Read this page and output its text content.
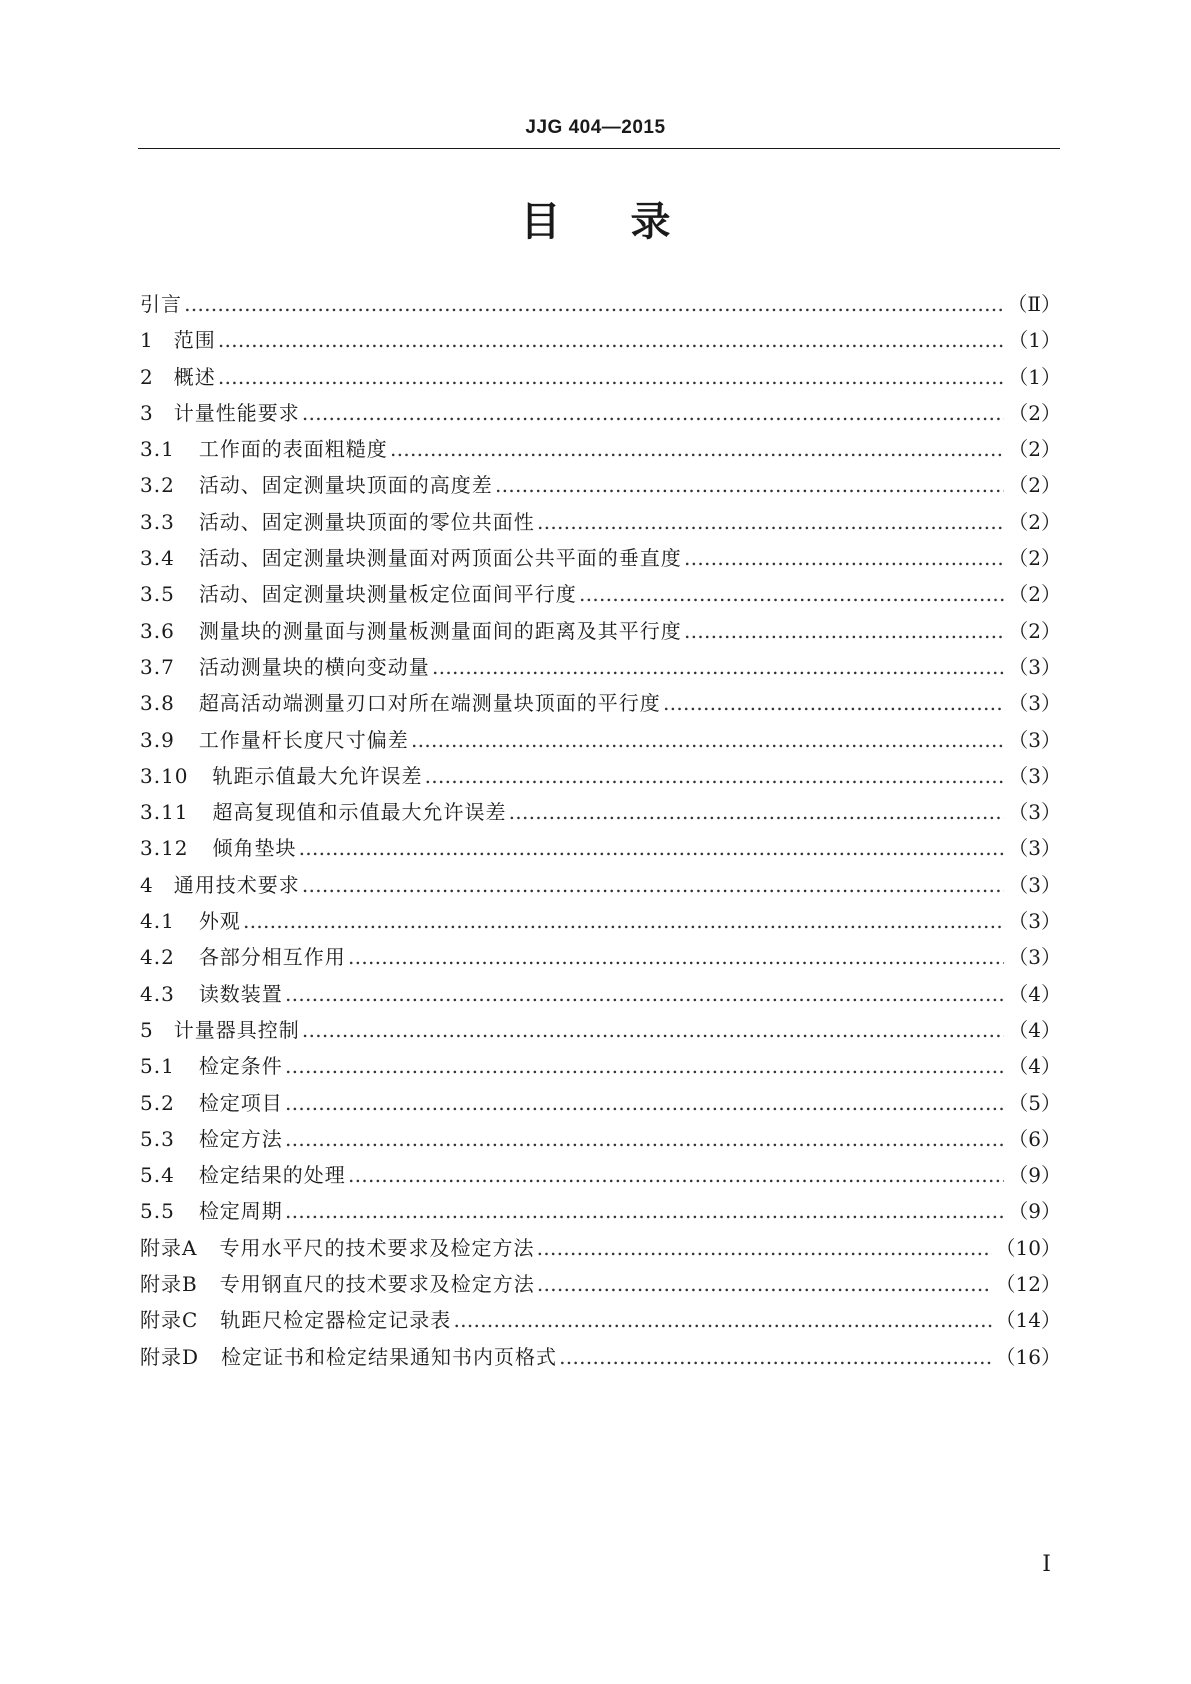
JJG 404—2015
目录
引言 ……………………………………………………………………………………………………………………………………………………………………………	（Ⅱ）
1 范围 ……………………………………………………………………………………………………………………………………………………………………………	（1）
2 概述 ……………………………………………………………………………………………………………………………………………………………………………	（1）
3 计量性能要求 ……………………………………………………………………………………………………………………………………………………………………………	（2）
3.1 工作面的表面粗糙度 ……………………………………………………………………………………………………………………………………………………………………………	（2）
3.2 活动、固定测量块顶面的高度差 ……………………………………………………………………………………………………………………………………………………………………………	（2）
3.3 活动、固定测量块顶面的零位共面性 ……………………………………………………………………………………………………………………………………………………………………………	（2）
3.4 活动、固定测量块测量面对两顶面公共平面的垂直度 ……………………………………………………………………………………………………………………………………………………………………………	（2）
3.5 活动、固定测量块测量板定位面间平行度 ……………………………………………………………………………………………………………………………………………………………………………	（2）
3.6 测量块的测量面与测量板测量面间的距离及其平行度 ……………………………………………………………………………………………………………………………………………………………………………	（2）
3.7 活动测量块的横向变动量 ……………………………………………………………………………………………………………………………………………………………………………	（3）
3.8 超高活动端测量刃口对所在端测量块顶面的平行度 ……………………………………………………………………………………………………………………………………………………………………………	（3）
3.9 工作量杆长度尺寸偏差 ……………………………………………………………………………………………………………………………………………………………………………	（3）
3.10 轨距示值最大允许误差 ……………………………………………………………………………………………………………………………………………………………………………	（3）
3.11 超高复现值和示值最大允许误差 ……………………………………………………………………………………………………………………………………………………………………………	（3）
3.12 倾角垫块 ……………………………………………………………………………………………………………………………………………………………………………	（3）
4 通用技术要求 ……………………………………………………………………………………………………………………………………………………………………………	（3）
4.1 外观 ……………………………………………………………………………………………………………………………………………………………………………	（3）
4.2 各部分相互作用 ……………………………………………………………………………………………………………………………………………………………………………	（3）
4.3 读数装置 ……………………………………………………………………………………………………………………………………………………………………………	（4）
5 计量器具控制 ……………………………………………………………………………………………………………………………………………………………………………	（4）
5.1 检定条件 ……………………………………………………………………………………………………………………………………………………………………………	（4）
5.2 检定项目 ……………………………………………………………………………………………………………………………………………………………………………	（5）
5.3 检定方法 ……………………………………………………………………………………………………………………………………………………………………………	（6）
5.4 检定结果的处理 ……………………………………………………………………………………………………………………………………………………………………………	（9）
5.5 检定周期 ……………………………………………………………………………………………………………………………………………………………………………	（9）
附录A 专用水平尺的技术要求及检定方法 ……………………………………………………………………………………………………………………………………………………………………………	（10）
附录B 专用钢直尺的技术要求及检定方法 ……………………………………………………………………………………………………………………………………………………………………………	（12）
附录C 轨距尺检定器检定记录表 ……………………………………………………………………………………………………………………………………………………………………………	（14）
附录D 检定证书和检定结果通知书内页格式 ……………………………………………………………………………………………………………………………………………………………………………	（16）
Ⅰ
